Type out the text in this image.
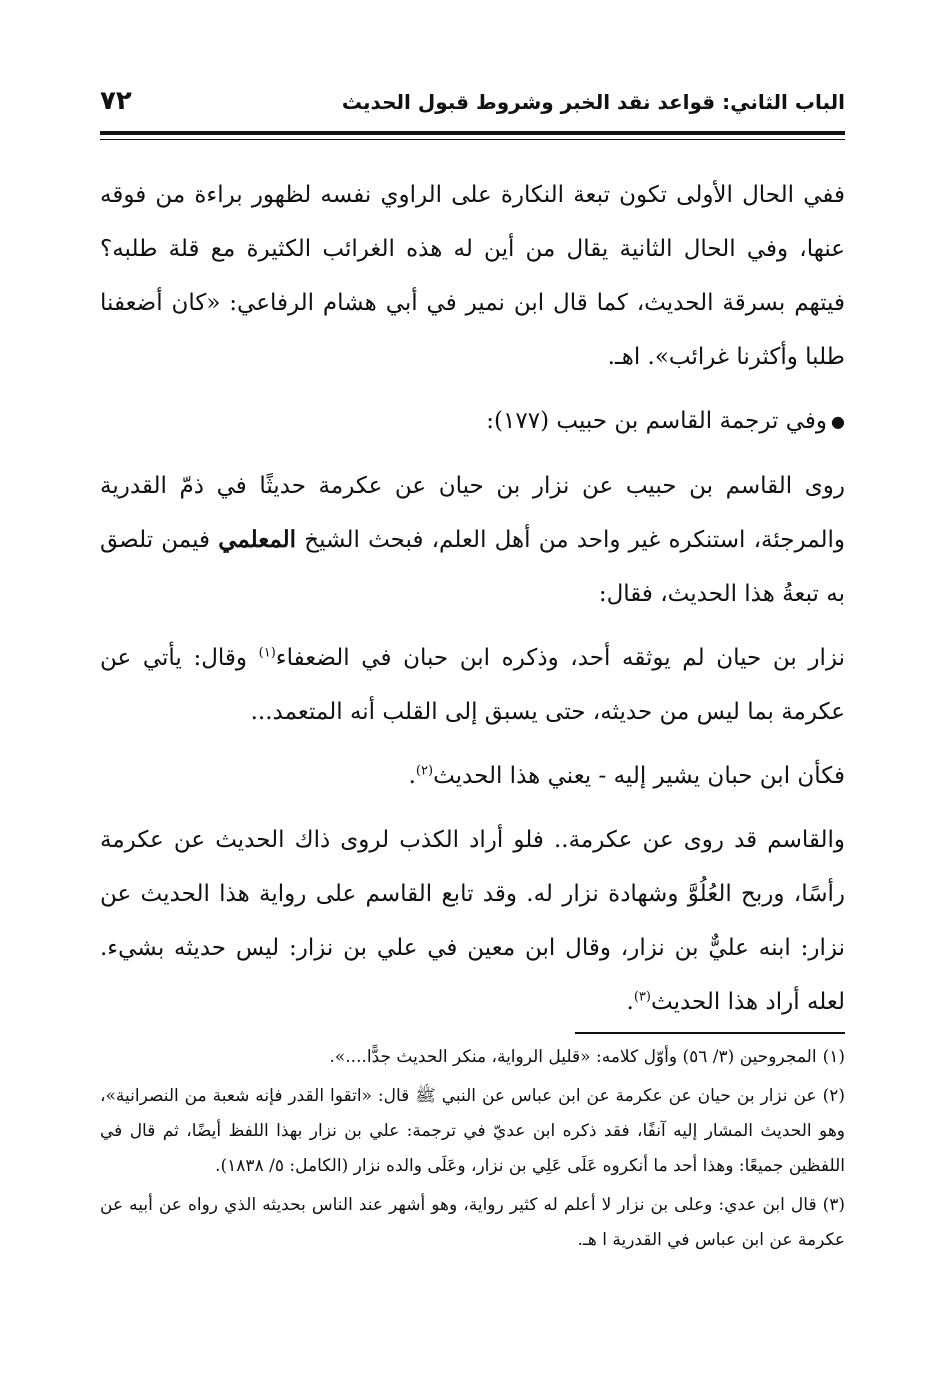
الباب الثاني: قواعد نقد الخبر وشروط قبول الحديث
٧٢

ففي الحال الأولى تكون تبعة النكارة على الراوي نفسه لظهور براءة من فوقه عنها، وفي الحال الثانية يقال من أين له هذه الغرائب الكثيرة مع قلة طلبه؟ فيتهم بسرقة الحديث، كما قال ابن نمير في أبي هشام الرفاعي: «كان أضعفنا طلبا وأكثرنا غرائب». اهـ.

●وفي ترجمة القاسم بن حبيب (١٧٧):

روى القاسم بن حبيب عن نزار بن حيان عن عكرمة حديثًا في ذمّ القدرية والمرجئة، استنكره غير واحد من أهل العلم، فبحث الشيخ المعلمي فيمن تلصق به تبعةُ هذا الحديث، فقال:

نزار بن حيان لم يوثقه أحد، وذكره ابن حبان في الضعفاء$^{(١)}$ وقال: يأتي عن عكرمة بما ليس من حديثه، حتى يسبق إلى القلب أنه المتعمد...

فكأن ابن حبان يشير إليه - يعني هذا الحديث$^{(٢)}$.

والقاسم قد روى عن عكرمة.. فلو أراد الكذب لروى ذاك الحديث عن عكرمة رأسًا، وربح العُلُوَّ وشهادة نزار له. وقد تابع القاسم على رواية هذا الحديث عن نزار: ابنه عليٌّ بن نزار، وقال ابن معين في علي بن نزار: ليس حديثه بشيء. لعله أراد هذا الحديث$^{(٣)}$.

(١)المجروحين (٣/ ٥٦) وأوّل كلامه: «قليل الرواية، منكر الحديث جدًّا....».

(٢)عن نزار بن حيان عن عكرمة عن ابن عباس عن النبي ﷺ قال: «اتقوا القدر فإنه شعبة من النصرانية»، وهو الحديث المشار إليه آنفًا، فقد ذكره ابن عديّ في ترجمة: علي بن نزار بهذا اللفظ أيضًا، ثم قال في اللفظين جميعًا: وهذا أحد ما أنكروه عَلَى عَلِي بن نزار، وعَلَى والده نزار (الكامل: ٥/ ١٨٣٨).

(٣)قال ابن عدي: وعلى بن نزار لا أعلم له كثير رواية، وهو أشهر عند الناس بحديثه الذي رواه عن أبيه عن عكرمة عن ابن عباس في القدرية ا هـ.
